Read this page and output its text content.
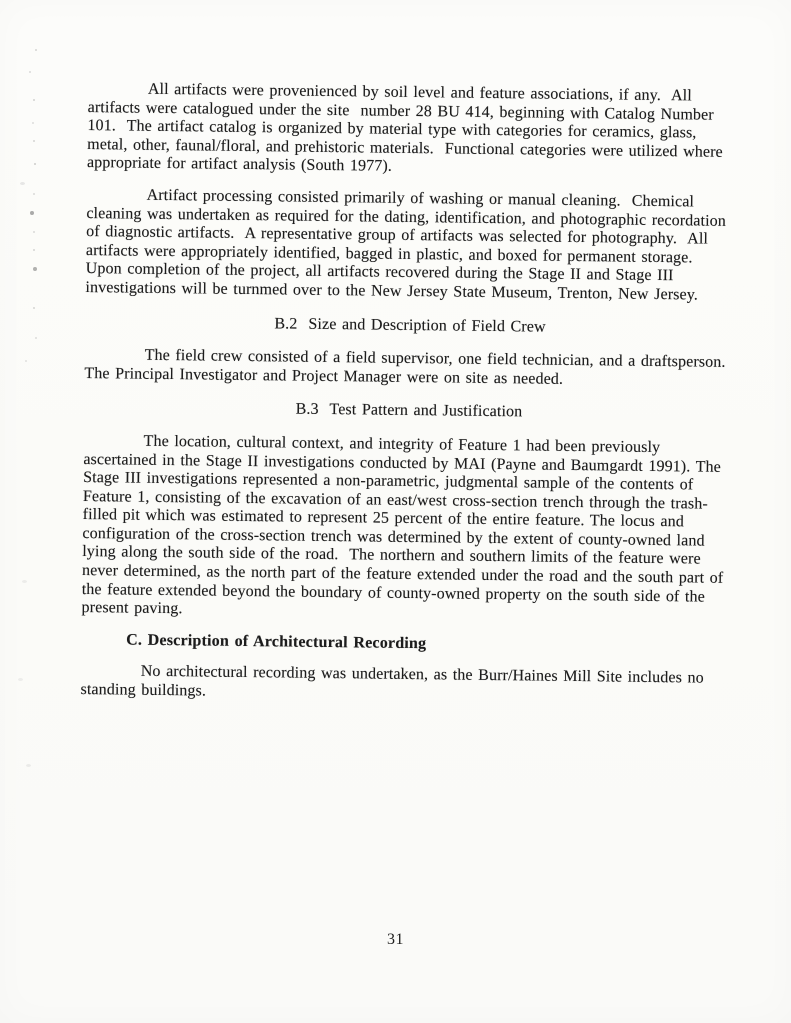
All artifacts were provenienced by soil level and feature associations, if any.  All artifacts were catalogued under the site  number 28 BU 414, beginning with Catalog Number 101.  The artifact catalog is organized by material type with categories for ceramics, glass, metal, other, faunal/floral, and prehistoric materials.  Functional categories were utilized where appropriate for artifact analysis (South 1977).

Artifact processing consisted primarily of washing or manual cleaning.  Chemical cleaning was undertaken as required for the dating, identification, and photographic recordation of diagnostic artifacts.  A representative group of artifacts was selected for photography.  All artifacts were appropriately identified, bagged in plastic, and boxed for permanent storage.  Upon completion of the project, all artifacts recovered during the Stage II and Stage III investigations will be turnmed over to the New Jersey State Museum, Trenton, New Jersey.

B.2  Size and Description of Field Crew

The field crew consisted of a field supervisor, one field technician, and a draftsperson. The Principal Investigator and Project Manager were on site as needed.

B.3  Test Pattern and Justification

The location, cultural context, and integrity of Feature 1 had been previously ascertained in the Stage II investigations conducted by MAI (Payne and Baumgardt 1991). The Stage III investigations represented a non-parametric, judgmental sample of the contents of Feature 1, consisting of the excavation of an east/west cross-section trench through the trash-filled pit which was estimated to represent 25 percent of the entire feature. The locus and configuration of the cross-section trench was determined by the extent of county-owned land lying along the south side of the road.  The northern and southern limits of the feature were never determined, as the north part of the feature extended under the road and the south part of the feature extended beyond the boundary of county-owned property on the south side of the present paving.

C. Description of Architectural Recording

No architectural recording was undertaken, as the Burr/Haines Mill Site includes no standing buildings.

31
